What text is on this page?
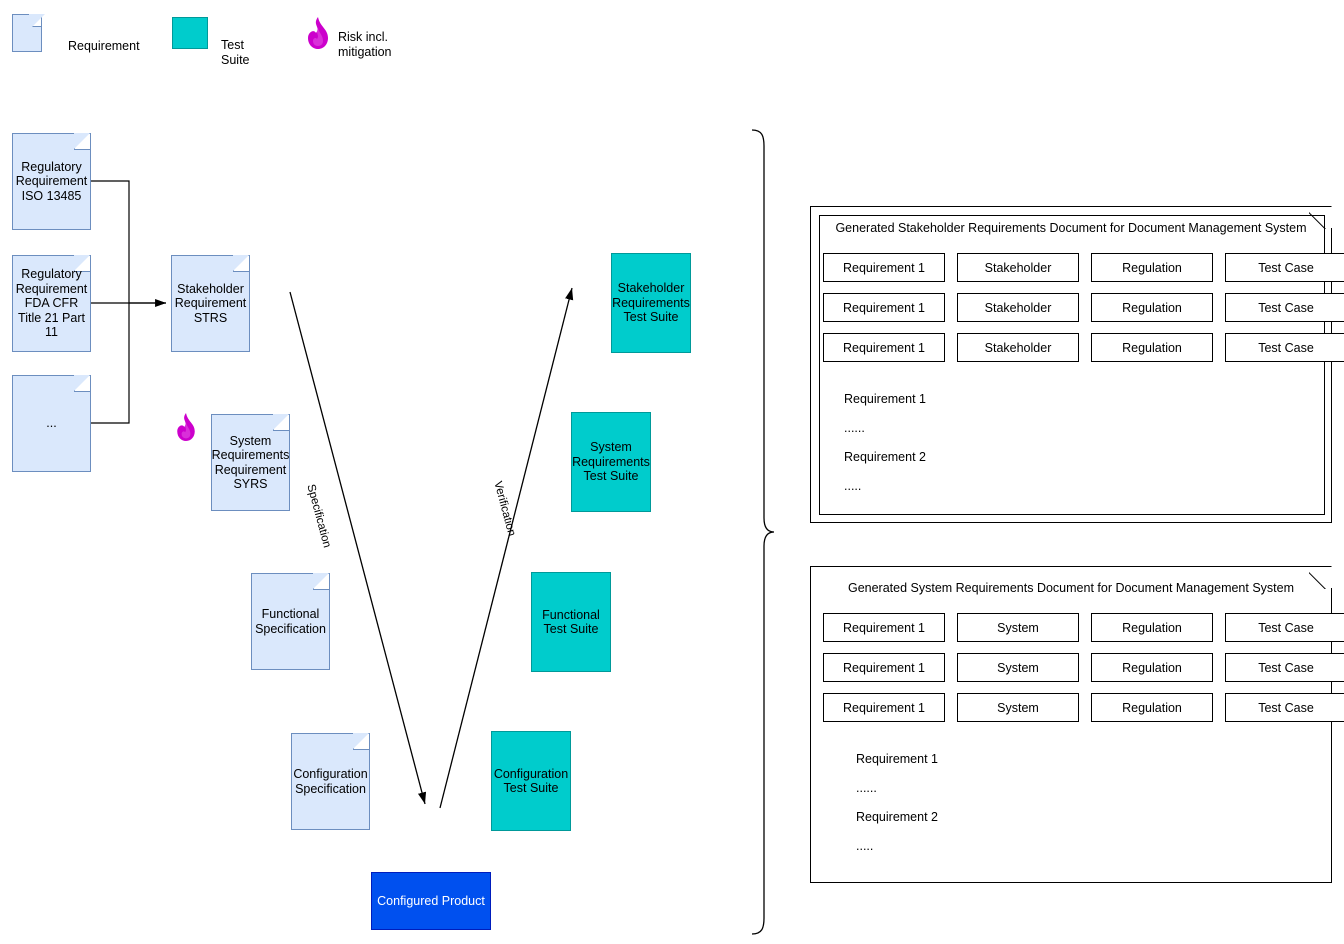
Requirement	Test Suite
Risk incl. mitigation
Regulatory Requirement ISO 13485
Regulatory Requirement FDA CFR Title 21 Part 11
...
Stakeholder Requirement STRS
System Requirements Requirement SYRS
Functional Specification
Configuration Specification
Stakeholder Requirements Test Suite
System Requirements Test Suite
Functional Test Suite
Configuration Test Suite
Configured Product
Specification	Verification
Generated Stakeholder Requirements Document for Document Management System
Requirement 1	Stakeholder	Regulation	Test Case
Requirement 1	Stakeholder	Regulation	Test Case
Requirement 1	Stakeholder	Regulation	Test Case
Requirement 1
......
Requirement 2
.....
Generated System Requirements Document for Document Management System
Requirement 1	System	Regulation	Test Case
Requirement 1	System	Regulation	Test Case
Requirement 1	System	Regulation	Test Case
Requirement 1
......
Requirement 2
.....
